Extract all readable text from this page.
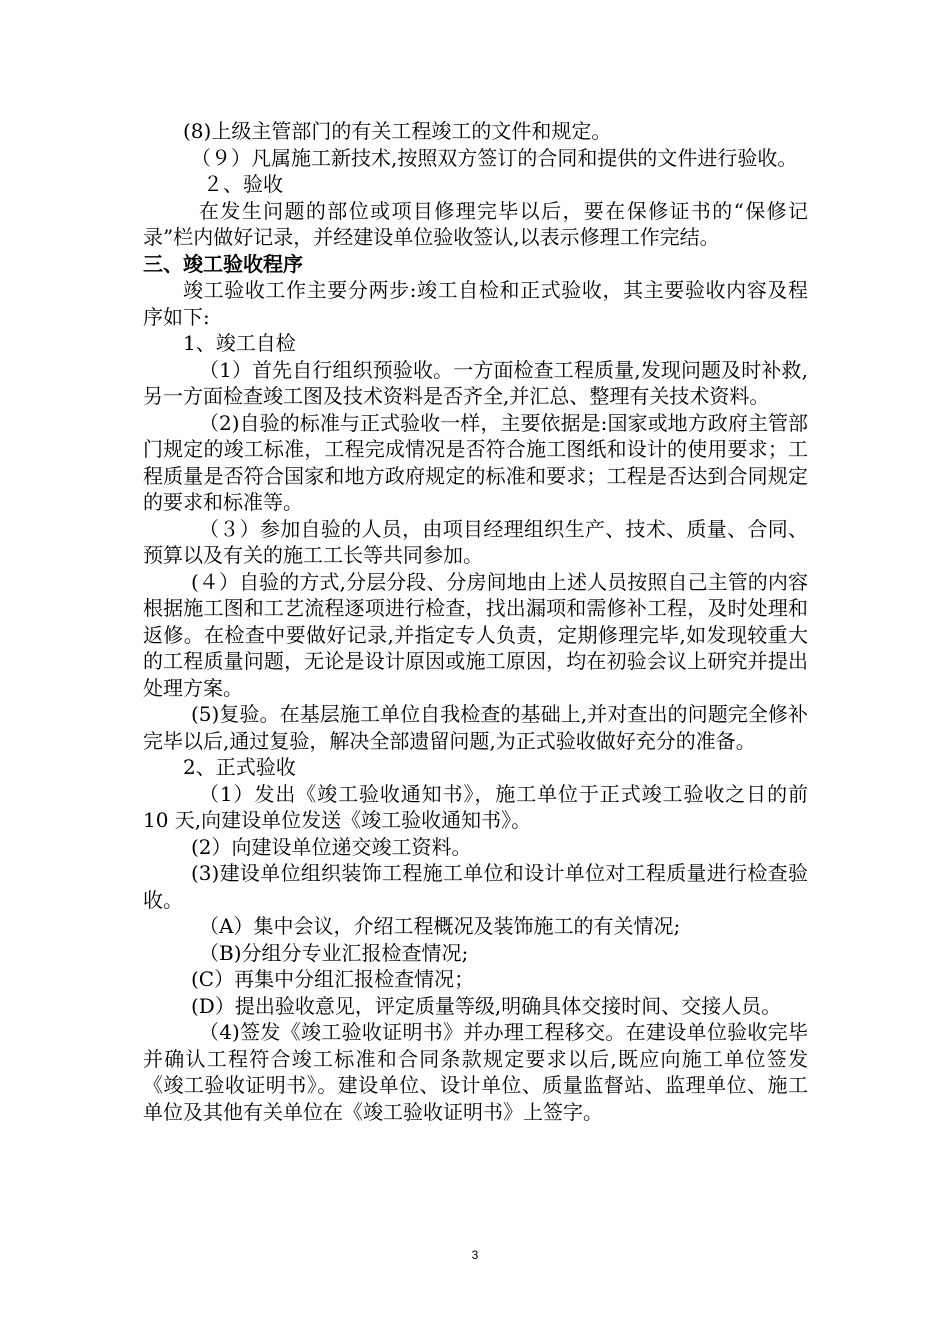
(8)上级主管部门的有关工程竣工的文件和规定。

（９）凡属施工新技术,按照双方签订的合同和提供的文件进行验收。

２、验收

在发生问题的部位或项目修理完毕以后，要在保修证书的“保修记录”栏内做好记录，并经建设单位验收签认,以表示修理工作完结。

三、竣工验收程序

竣工验收工作主要分两步:竣工自检和正式验收，其主要验收内容及程序如下:

1、竣工自检

（1）首先自行组织预验收。一方面检查工程质量,发现问题及时补救,另一方面检查竣工图及技术资料是否齐全,并汇总、整理有关技术资料。

（2)自验的标准与正式验收一样，主要依据是:国家或地方政府主管部门规定的竣工标准，工程完成情况是否符合施工图纸和设计的使用要求；工程质量是否符合国家和地方政府规定的标准和要求；工程是否达到合同规定的要求和标准等。

（３）参加自验的人员，由项目经理组织生产、技术、质量、合同、预算以及有关的施工工长等共同参加。

(４）自验的方式,分层分段、分房间地由上述人员按照自己主管的内容根据施工图和工艺流程逐项进行检查，找出漏项和需修补工程，及时处理和返修。在检查中要做好记录,并指定专人负责，定期修理完毕,如发现较重大的工程质量问题，无论是设计原因或施工原因，均在初验会议上研究并提出处理方案。

(5)复验。在基层施工单位自我检查的基础上,并对查出的问题完全修补完毕以后,通过复验，解决全部遗留问题,为正式验收做好充分的准备。

2、正式验收

（1）发出《竣工验收通知书》，施工单位于正式竣工验收之日的前 10 天,向建设单位发送《竣工验收通知书》。

(2）向建设单位递交竣工资料。

(3)建设单位组织装饰工程施工单位和设计单位对工程质量进行检查验收。

（A）集中会议，介绍工程概况及装饰施工的有关情况;

（B)分组分专业汇报检查情况;

(C）再集中分组汇报检查情况；

(D）提出验收意见，评定质量等级,明确具体交接时间、交接人员。

（4)签发《竣工验收证明书》并办理工程移交。在建设单位验收完毕并确认工程符合竣工标准和合同条款规定要求以后,既应向施工单位签发《竣工验收证明书》。建设单位、设计单位、质量监督站、监理单位、施工单位及其他有关单位在《竣工验收证明书》上签字。

3
